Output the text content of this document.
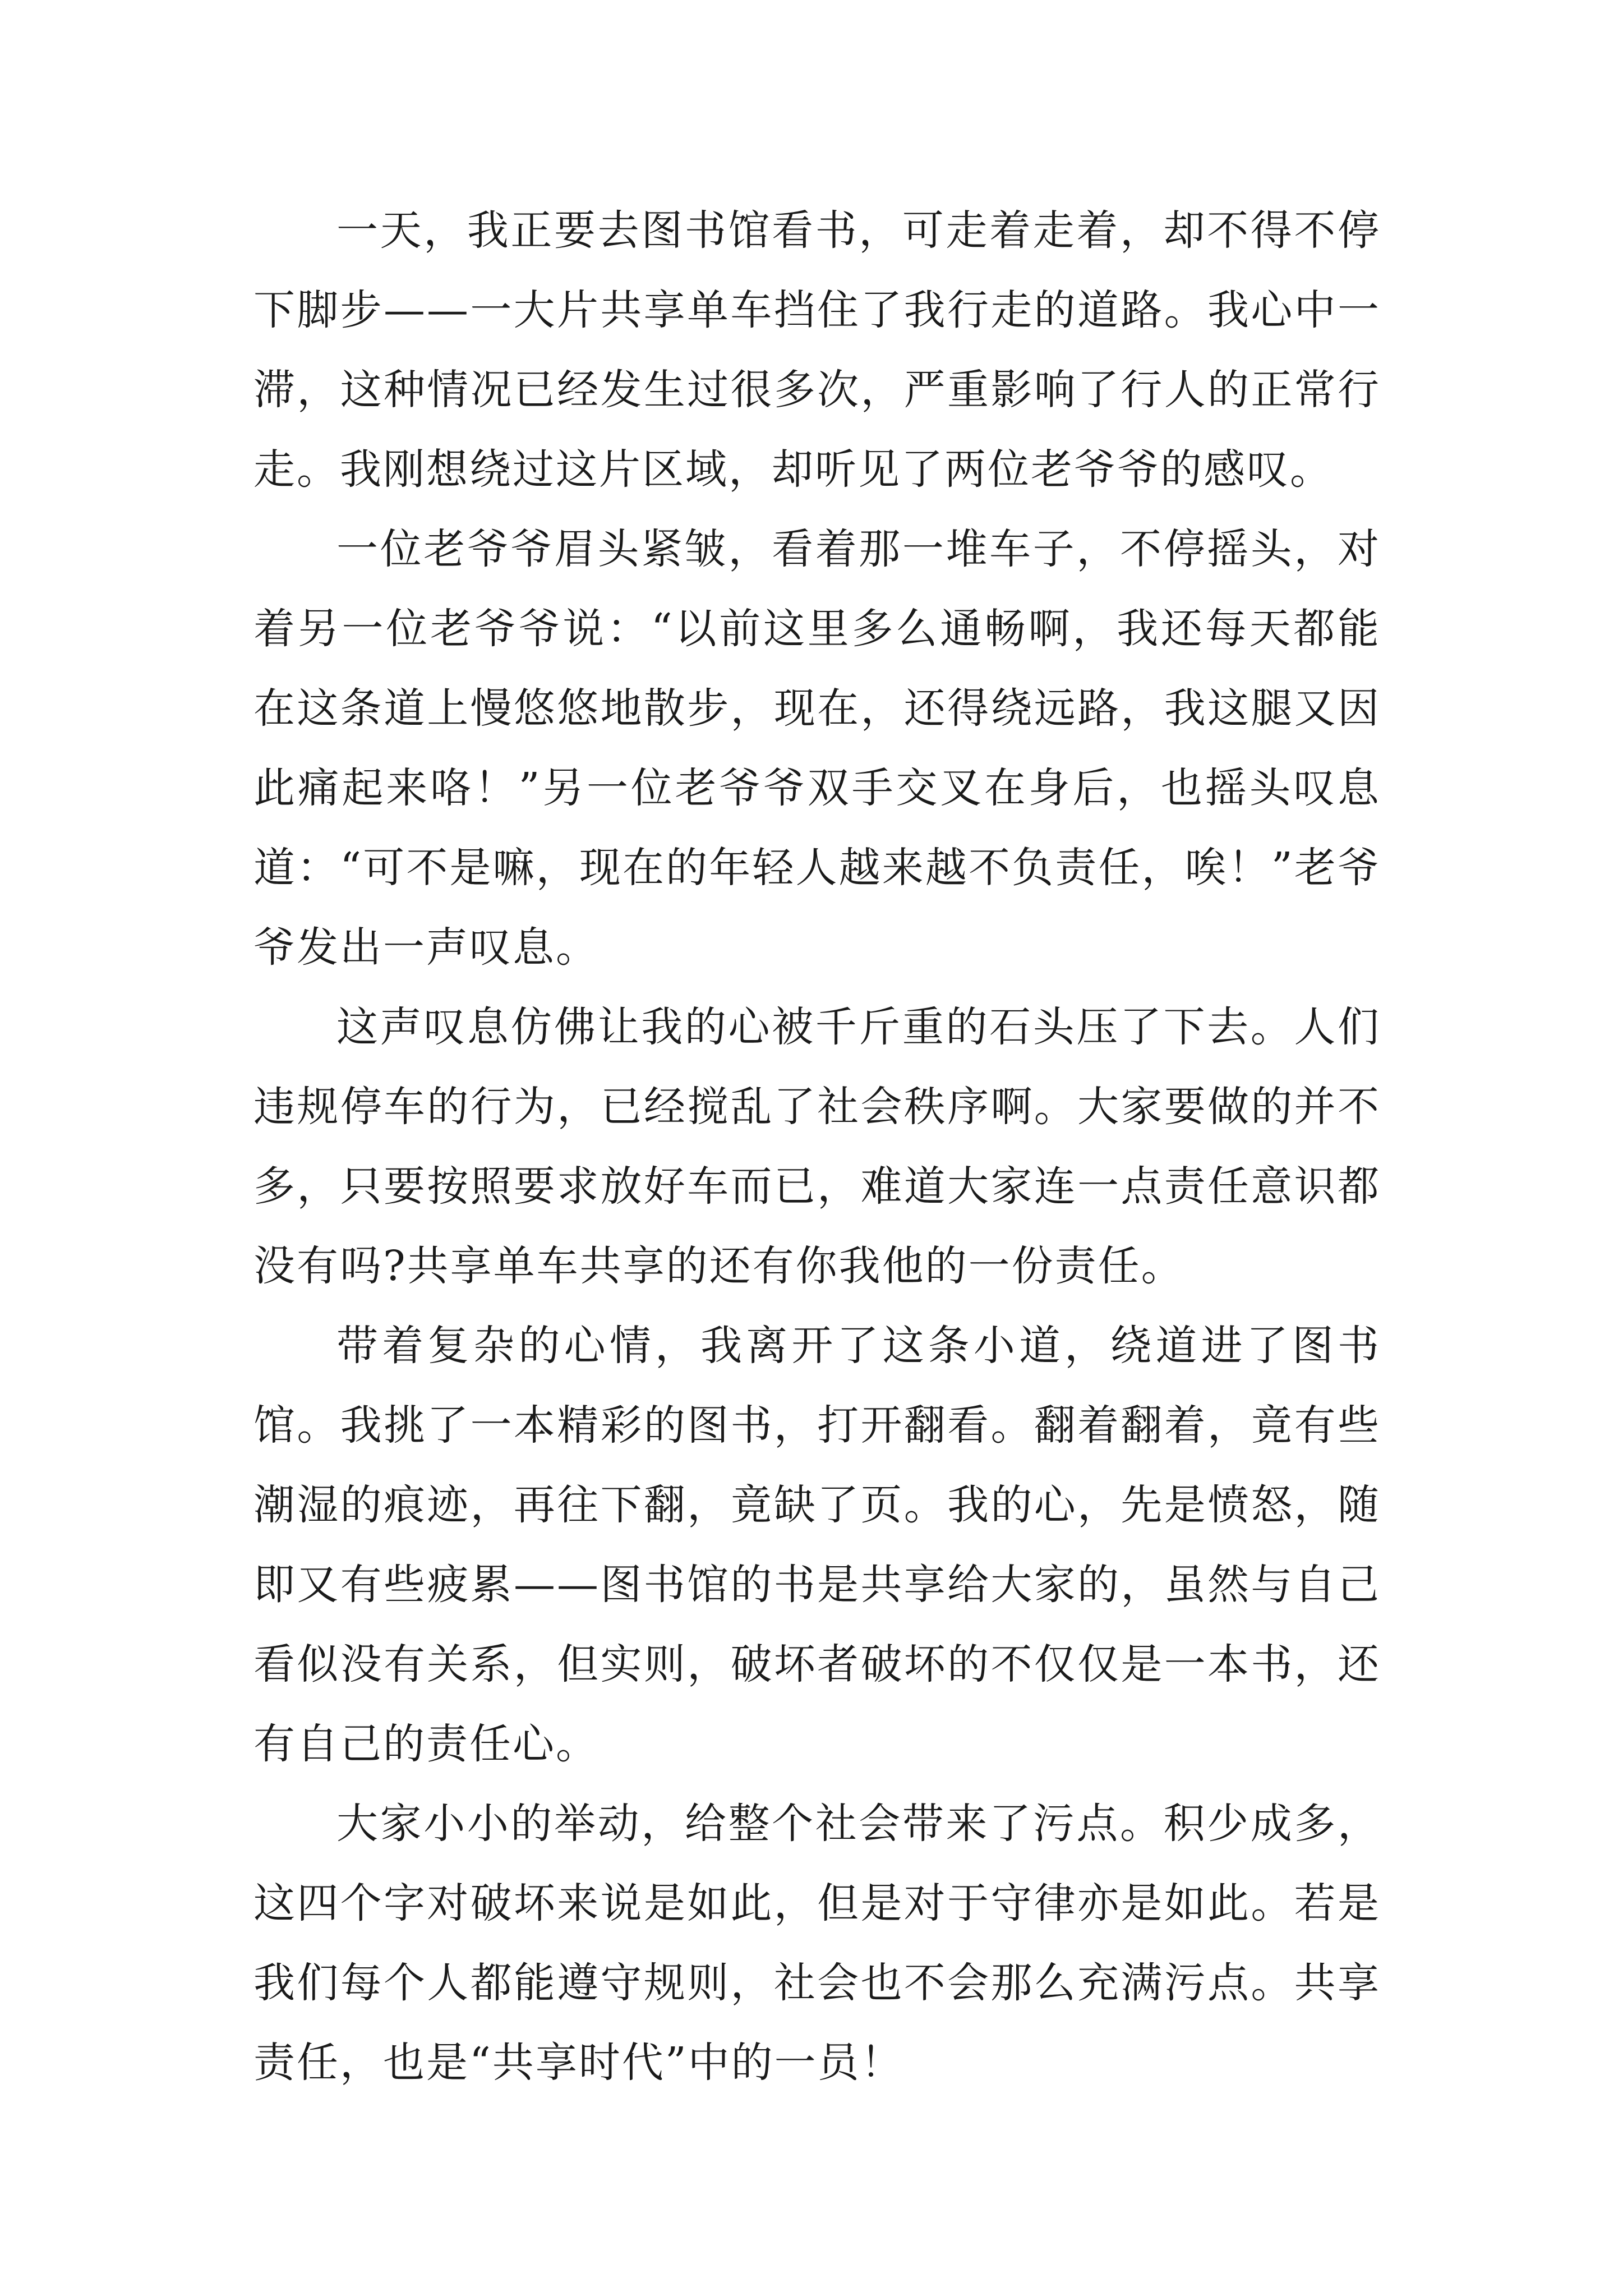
一天，我正要去图书馆看书，可走着走着，却不得不停下脚步——一大片共享单车挡住了我行走的道路。我心中一滞，这种情况已经发生过很多次，严重影响了行人的正常行走。我刚想绕过这片区域，却听见了两位老爷爷的感叹。

一位老爷爷眉头紧皱，看着那一堆车子，不停摇头，对着另一位老爷爷说：“以前这里多么通畅啊，我还每天都能在这条道上慢悠悠地散步，现在，还得绕远路，我这腿又因此痛起来咯！”另一位老爷爷双手交叉在身后，也摇头叹息道：“可不是嘛，现在的年轻人越来越不负责任，唉！”老爷爷发出一声叹息。

这声叹息仿佛让我的心被千斤重的石头压了下去。人们违规停车的行为，已经搅乱了社会秩序啊。大家要做的并不多，只要按照要求放好车而已，难道大家连一点责任意识都没有吗?共享单车共享的还有你我他的一份责任。

带着复杂的心情，我离开了这条小道，绕道进了图书馆。我挑了一本精彩的图书，打开翻看。翻着翻着，竟有些潮湿的痕迹，再往下翻，竟缺了页。我的心，先是愤怒，随即又有些疲累——图书馆的书是共享给大家的，虽然与自己看似没有关系，但实则，破坏者破坏的不仅仅是一本书，还有自己的责任心。

大家小小的举动，给整个社会带来了污点。积少成多，这四个字对破坏来说是如此，但是对于守律亦是如此。若是我们每个人都能遵守规则，社会也不会那么充满污点。共享责任，也是“共享时代”中的一员！
